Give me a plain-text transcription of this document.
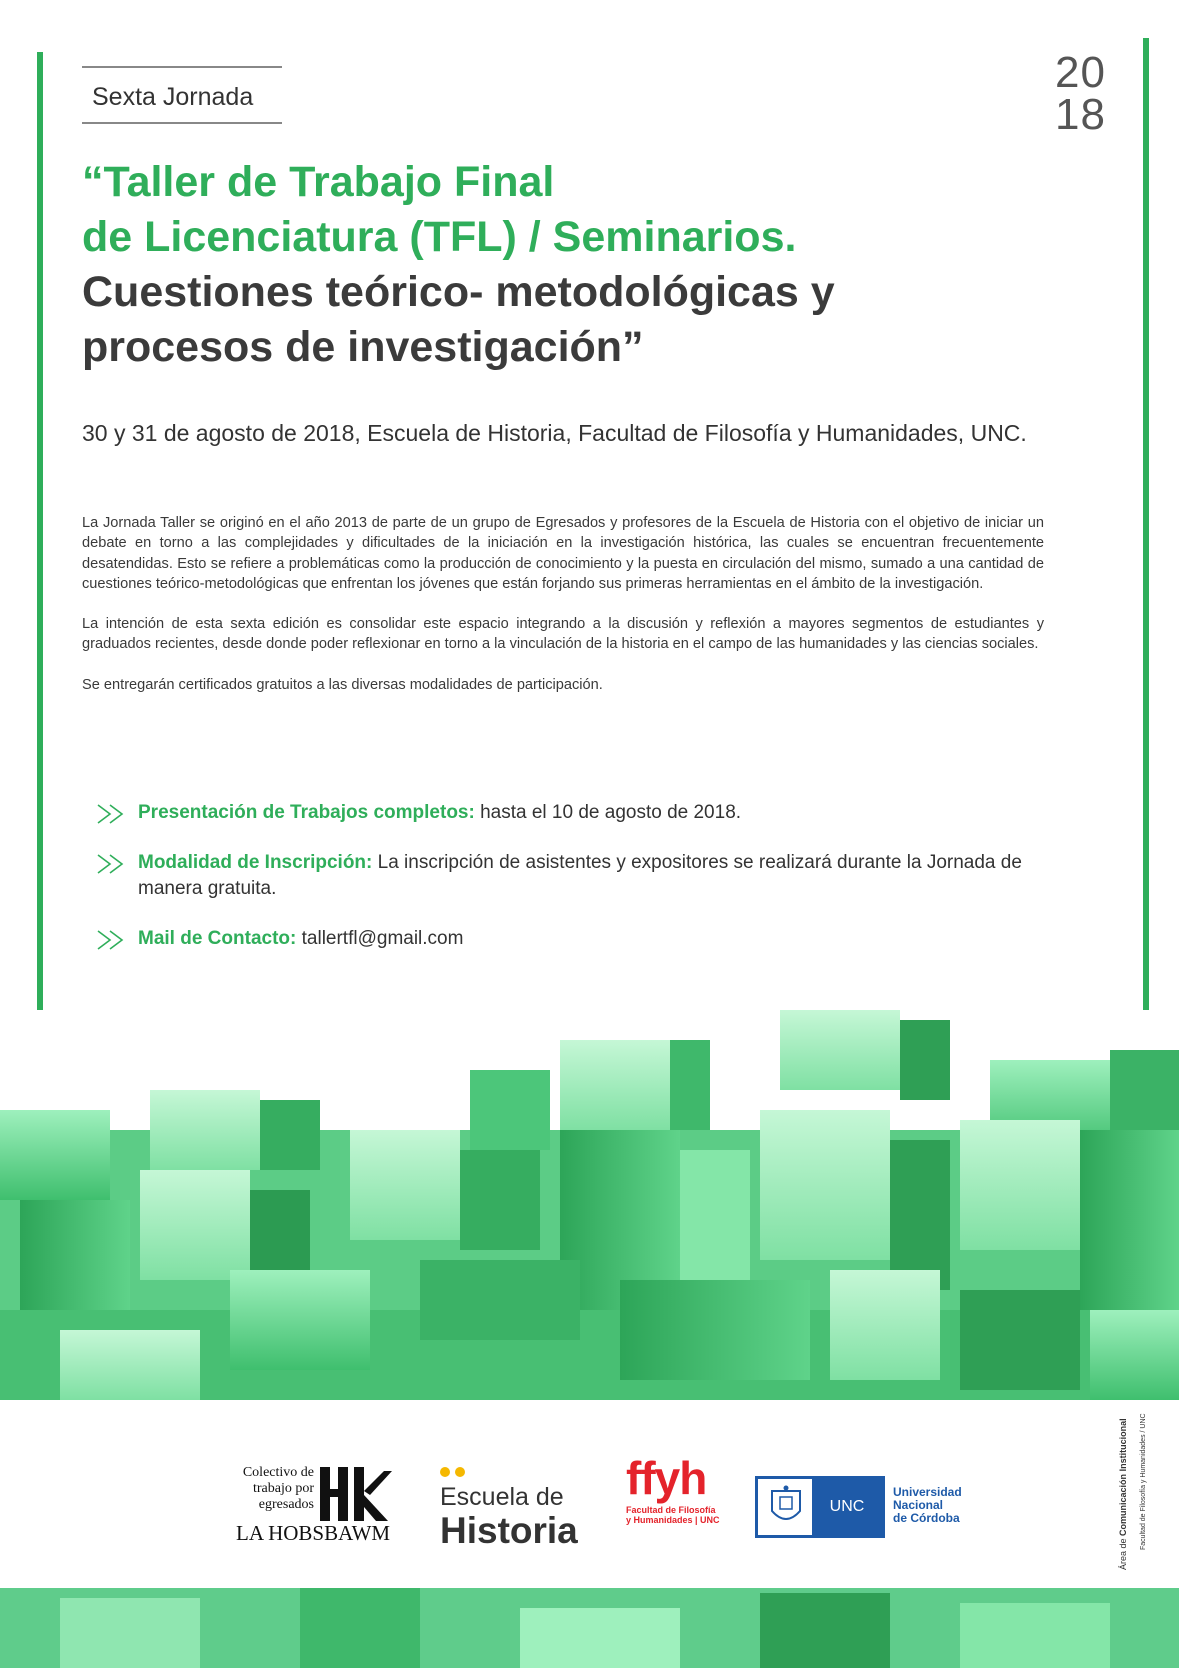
Sexta Jornada	20
18
“Taller de Trabajo Final
de Licenciatura (TFL) / Seminarios.
Cuestiones teórico- metodológicas y
procesos de investigación”
30 y 31 de agosto de 2018, Escuela de Historia, Facultad de Filosofía y Humanidades, UNC.

La Jornada Taller se originó en el año 2013 de parte de un grupo de Egresados y profesores de la Escuela de Historia con el objetivo de iniciar un debate en torno a las complejidades y dificultades de la iniciación en la investigación histórica, las cuales se encuentran frecuentemente desatendidas. Esto se refiere a problemáticas como la producción de conocimiento y la puesta en circulación del mismo, sumado a una cantidad de cuestiones teórico-metodológicas que enfrentan los jóvenes que están forjando sus primeras herramientas en el ámbito de la investigación.

La intención de esta sexta edición es consolidar este espacio integrando a la discusión y reflexión a mayores segmentos de estudiantes y graduados recientes, desde donde poder reflexionar en torno a la vinculación de la historia en el campo de las humanidades y las ciencias sociales.

Se entregarán certificados gratuitos a las diversas modalidades de participación.

Presentación de Trabajos completos: hasta el 10 de agosto de 2018.
Modalidad de Inscripción: La inscripción de asistentes y expositores se realizará durante la Jornada de manera gratuita.
Mail de Contacto: tallertfl@gmail.com
Colectivo de
trabajo por
egresados
LA HOBSBAWM
Escuela de
Historia
ffyh
Facultad de Filosofía
y Humanidades | UNC
UNC
Universidad
Nacional
de Córdoba
Área de Comunicación Institucional
Facultad de Filosofía y Humanidades / UNC
